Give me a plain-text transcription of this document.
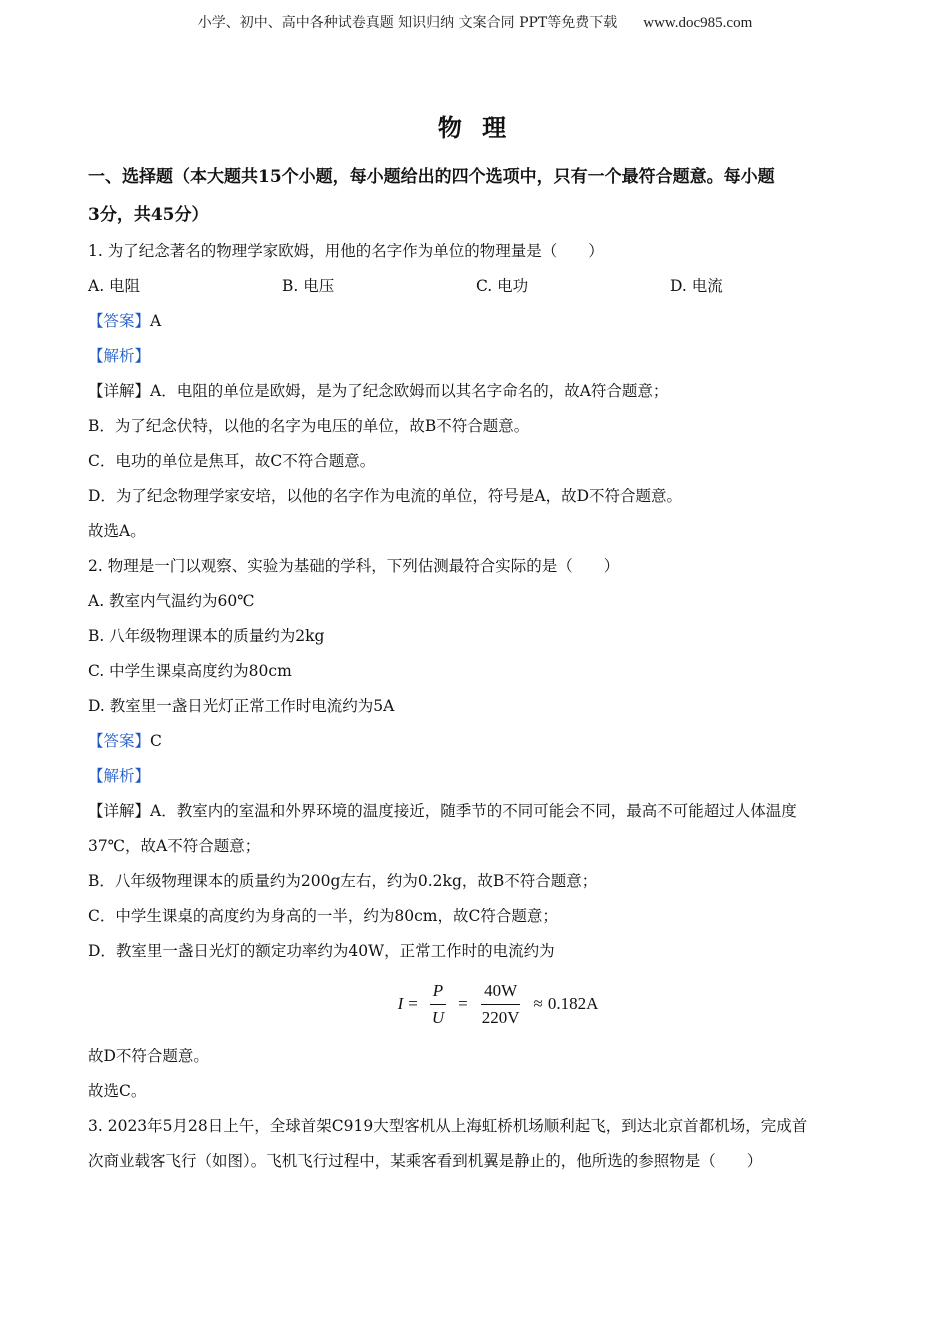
小学、初中、高中各种试卷真题 知识归纳 文案合同 PPT等免费下载 www.doc985.com
物 理
一、选择题（本大题共15个小题，每小题给出的四个选项中，只有一个最符合题意。每小题
3分，共45分）
1. 为了纪念著名的物理学家欧姆，用他的名字作为单位的物理量是（　　）
A. 电阻	B. 电压	C. 电功	D. 电流
【答案】A
【解析】
【详解】A．电阻的单位是欧姆，是为了纪念欧姆而以其名字命名的，故A符合题意；
B．为了纪念伏特，以他的名字为电压的单位，故B不符合题意。
C．电功的单位是焦耳，故C不符合题意。
D．为了纪念物理学家安培，以他的名字作为电流的单位，符号是A，故D不符合题意。
故选A。
2. 物理是一门以观察、实验为基础的学科，下列估测最符合实际的是（　　）
A. 教室内气温约为60℃
B. 八年级物理课本的质量约为2kg
C. 中学生课桌高度约为80cm
D. 教室里一盏日光灯正常工作时电流约为5A
【答案】C
【解析】
【详解】A．教室内的室温和外界环境的温度接近，随季节的不同可能会不同，最高不可能超过人体温度
37℃，故A不符合题意；
B．八年级物理课本的质量约为200g左右，约为0.2kg，故B不符合题意；
C．中学生课桌的高度约为身高的一半，约为80cm，故C符合题意；
D．教室里一盏日光灯的额定功率约为40W，正常工作时的电流约为
$I = \frac{P}{U} = \frac{40W}{220V} \approx 0.182A$
故D不符合题意。
故选C。
3. 2023年5月28日上午，全球首架C919大型客机从上海虹桥机场顺利起飞，到达北京首都机场，完成首
次商业载客飞行（如图）。飞机飞行过程中，某乘客看到机翼是静止的，他所选的参照物是（　　）
